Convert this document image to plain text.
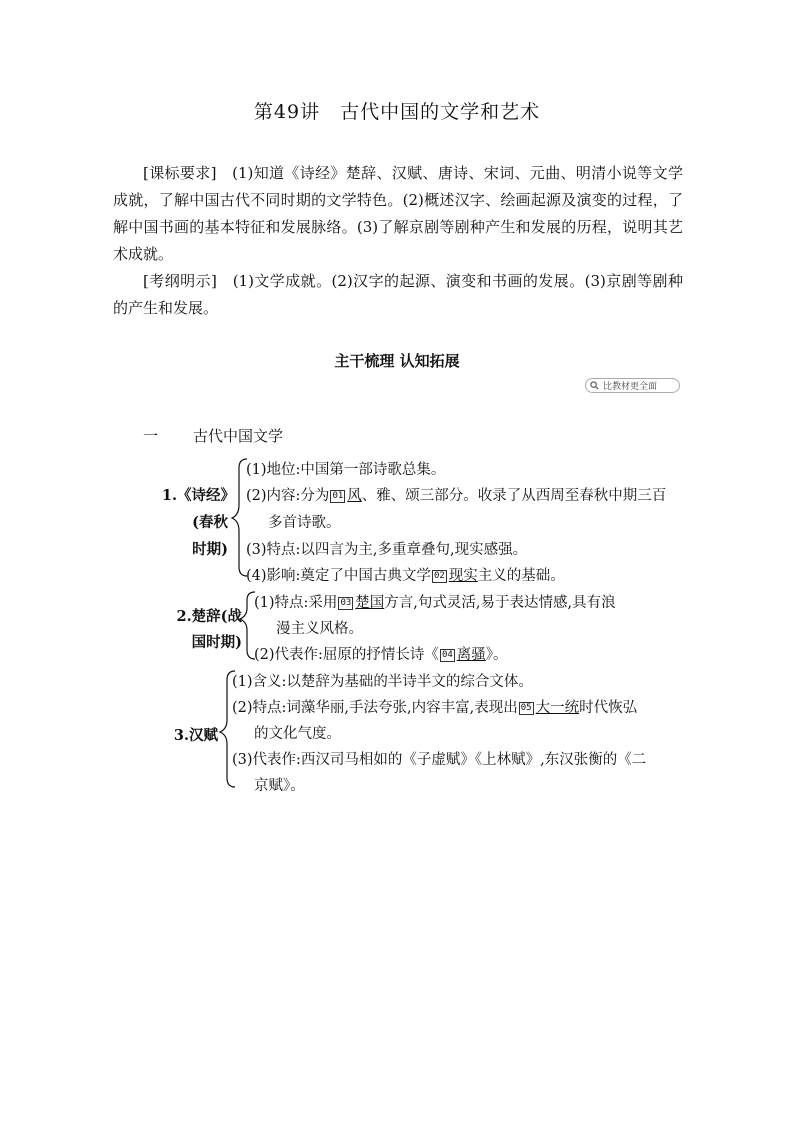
第49讲　古代中国的文学和艺术
[课标要求]　 (1)知道《诗经》楚辞、汉赋、唐诗、宋词、元曲、明清小说等文学成就，了解中国古代不同时期的文学特色。(2)概述汉字、绘画起源及演变的过程，了解中国书画的基本特征和发展脉络。(3)了解京剧等剧种产生和发展的历程，说明其艺术成就。
[考纲明示]　 (1)文学成就。(2)汉字的起源、演变和书画的发展。(3)京剧等剧种的产生和发展。
主干梳理 认知拓展
比教材更全面
一 古代中国文学
1.《诗经》
(春秋
时期)
(1)地位:中国第一部诗歌总集。
(2)内容:分为 01 风、雅、颂三部分。收录了从西周至春秋中期三百
多首诗歌。
(3)特点:以四言为主,多重章叠句,现实感强。
(4)影响:奠定了中国古典文学 02 现实主义的基础。
2.楚辞(战
国时期)
(1)特点:采用 03 楚国方言,句式灵活,易于表达情感,具有浪
漫主义风格。
(2)代表作:屈原的抒情长诗《 04 离骚》。
3.汉赋
(1)含义:以楚辞为基础的半诗半文的综合文体。
(2)特点:词藻华丽,手法夸张,内容丰富,表现出 05 大一统时代恢弘
的文化气度。
(3)代表作:西汉司马相如的《子虚赋》《上林赋》,东汉张衡的《二
京赋》。
